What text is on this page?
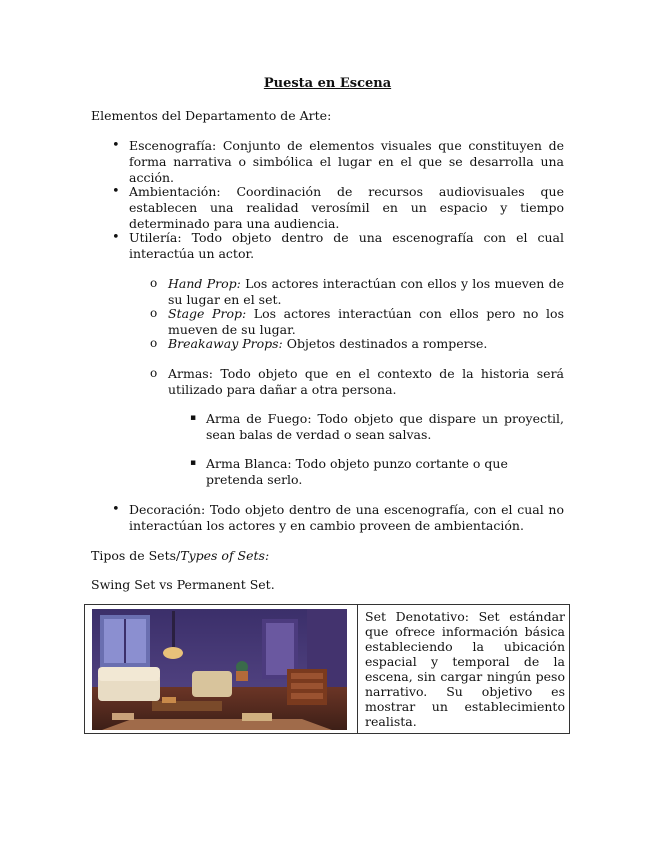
Puesta en Escena
Elementos del Departamento de Arte:
• Escenografía: Conjunto de elementos visuales que constituyen de forma narrativa o simbólica el lugar en el que se desarrolla una acción.
• Ambientación: Coordinación de recursos audiovisuales que establecen una realidad verosímil en un espacio y tiempo determinado para una audiencia.
• Utilería: Todo objeto dentro de una escenografía con el cual interactúa un actor.
o Hand Prop: Los actores interactúan con ellos y los mueven de su lugar en el set.
o Stage Prop: Los actores interactúan con ellos pero no los mueven de su lugar.
o Breakaway Props: Objetos destinados a romperse.
o Armas: Todo objeto que en el contexto de la historia será utilizado para dañar a otra persona.
▪ Arma de Fuego: Todo objeto que dispare un proyectil, sean balas de verdad o sean salvas.
▪ Arma Blanca: Todo objeto punzo cortante o que pretenda serlo.
• Decoración: Todo objeto dentro de una escenografía, con el cual no interactúan los actores y en cambio proveen de ambientación.
Tipos de Sets/Types of Sets:
Swing Set vs Permanent Set.
Set Denotativo: Set estándar que ofrece información básica estableciendo la ubicación espacial y temporal de la escena, sin cargar ningún peso narrativo. Su objetivo es mostrar un establecimiento realista.
